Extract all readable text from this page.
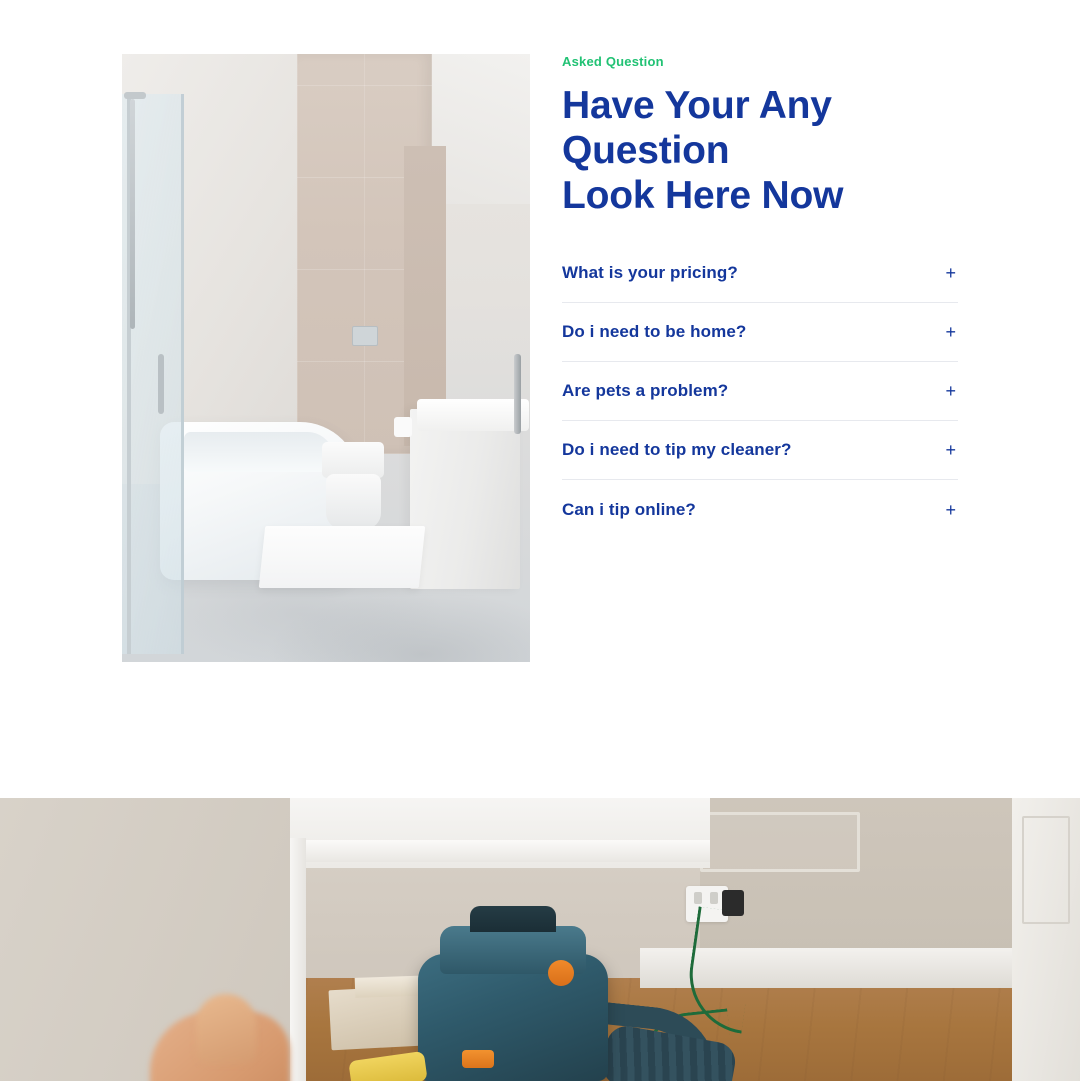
Asked Question
Have Your Any
Question
Look Here Now
What is your pricing?	+
Do i need to be home?	+
Are pets a problem?	+
Do i need to tip my cleaner?	+
Can i tip online?	+
